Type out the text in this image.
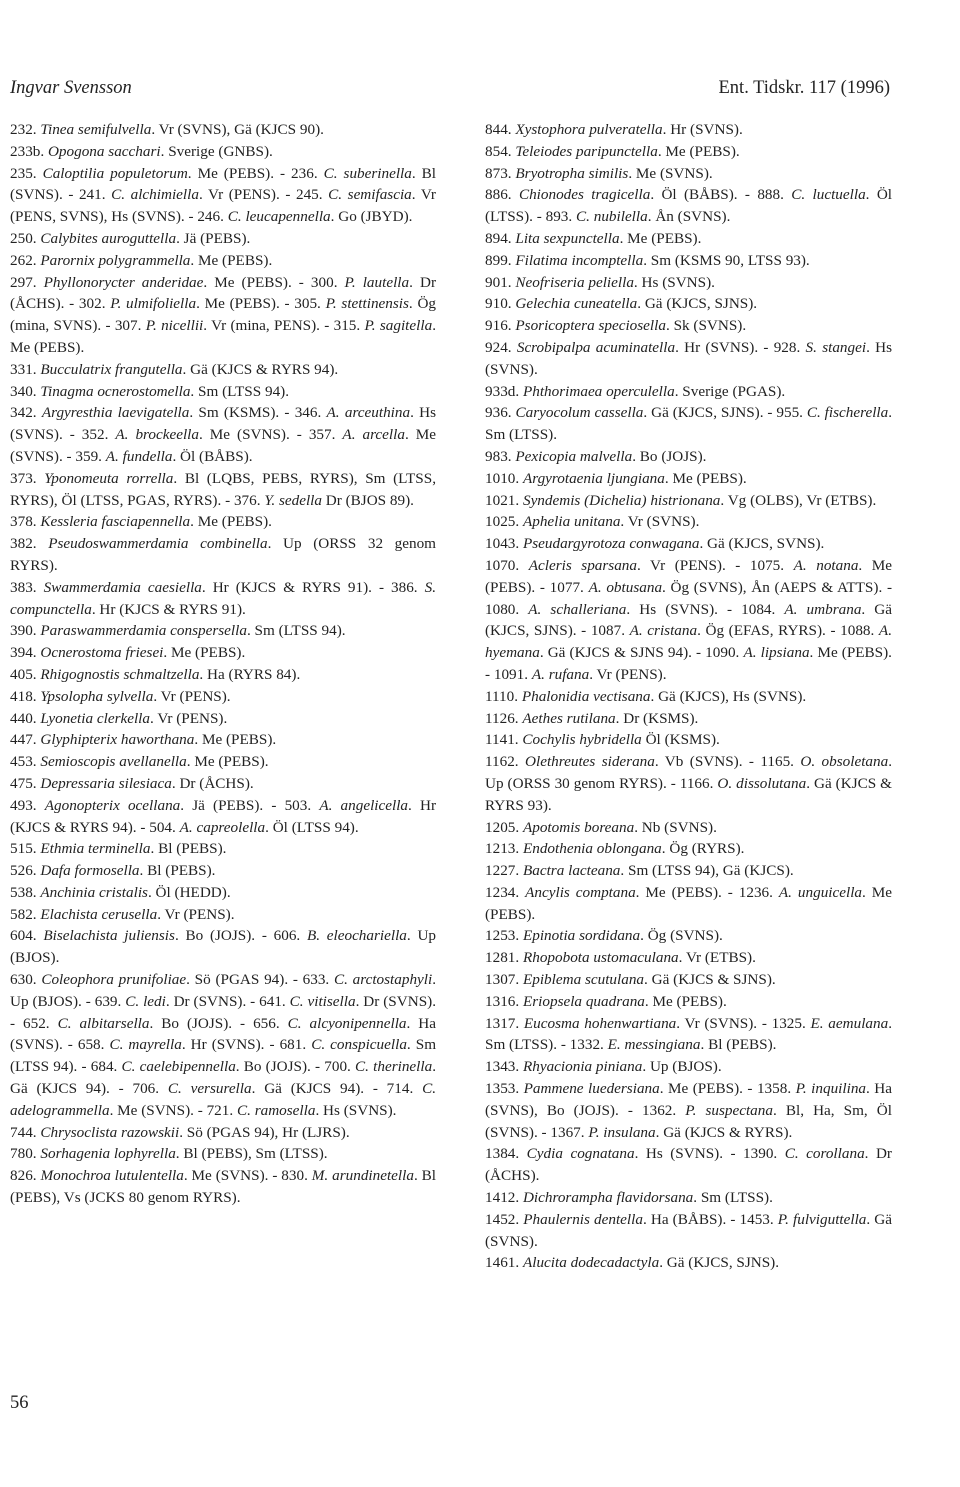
Ingvar Svensson	Ent. Tidskr. 117 (1996)

232. Tinea semifulvella. Vr (SVNS), Gä (KJCS 90).

233b. Opogona sacchari. Sverige (GNBS).

235. Caloptilia populetorum. Me (PEBS). - 236. C. suberinella. Bl (SVNS). - 241. C. alchimiella. Vr (PENS). - 245. C. semifascia. Vr (PENS, SVNS), Hs (SVNS). - 246. C. leucapennella. Go (JBYD).

250. Calybites auroguttella. Jä (PEBS).

262. Parornix polygrammella. Me (PEBS).

297. Phyllonorycter anderidae. Me (PEBS). - 300. P. lautella. Dr (ÅCHS). - 302. P. ulmifoliella. Me (PEBS). - 305. P. stettinensis. Ög (mina, SVNS). - 307. P. nicellii. Vr (mina, PENS). - 315. P. sagitella. Me (PEBS).

331. Bucculatrix frangutella. Gä (KJCS & RYRS 94).

340. Tinagma ocnerostomella. Sm (LTSS 94).

342. Argyresthia laevigatella. Sm (KSMS). - 346. A. arceuthina. Hs (SVNS). - 352. A. brockeella. Me (SVNS). - 357. A. arcella. Me (SVNS). - 359. A. fundella. Öl (BÅBS).

373. Yponomeuta rorrella. Bl (LQBS, PEBS, RYRS), Sm (LTSS, RYRS), Öl (LTSS, PGAS, RYRS). - 376. Y. sedella Dr (BJOS 89).

378. Kessleria fasciapennella. Me (PEBS).

382. Pseudoswammerdamia combinella. Up (ORSS 32 genom RYRS).

383. Swammerdamia caesiella. Hr (KJCS & RYRS 91). - 386. S. compunctella. Hr (KJCS & RYRS 91).

390. Paraswammerdamia conspersella. Sm (LTSS 94).

394. Ocnerostoma friesei. Me (PEBS).

405. Rhigognostis schmaltzella. Ha (RYRS 84).

418. Ypsolopha sylvella. Vr (PENS).

440. Lyonetia clerkella. Vr (PENS).

447. Glyphipterix haworthana. Me (PEBS).

453. Semioscopis avellanella. Me (PEBS).

475. Depressaria silesiaca. Dr (ÅCHS).

493. Agonopterix ocellana. Jä (PEBS). - 503. A. angelicella. Hr (KJCS & RYRS 94). - 504. A. capreolella. Öl (LTSS 94).

515. Ethmia terminella. Bl (PEBS).

526. Dafa formosella. Bl (PEBS).

538. Anchinia cristalis. Öl (HEDD).

582. Elachista cerusella. Vr (PENS).

604. Biselachista juliensis. Bo (JOJS). - 606. B. eleochariella. Up (BJOS).

630. Coleophora prunifoliae. Sö (PGAS 94). - 633. C. arctostaphyli. Up (BJOS). - 639. C. ledi. Dr (SVNS). - 641. C. vitisella. Dr (SVNS). - 652. C. albitarsella. Bo (JOJS). - 656. C. alcyonipennella. Ha (SVNS). - 658. C. mayrella. Hr (SVNS). - 681. C. conspicuella. Sm (LTSS 94). - 684. C. caelebipennella. Bo (JOJS). - 700. C. therinella. Gä (KJCS 94). - 706. C. versurella. Gä (KJCS 94). - 714. C. adelogrammella. Me (SVNS). - 721. C. ramosella. Hs (SVNS).

744. Chrysoclista razowskii. Sö (PGAS 94), Hr (LJRS).

780. Sorhagenia lophyrella. Bl (PEBS), Sm (LTSS).

826. Monochroa lutulentella. Me (SVNS). - 830. M. arundinetella. Bl (PEBS), Vs (JCKS 80 genom RYRS).

844. Xystophora pulveratella. Hr (SVNS).

854. Teleiodes paripunctella. Me (PEBS).

873. Bryotropha similis. Me (SVNS).

886. Chionodes tragicella. Öl (BÅBS). - 888. C. luctuella. Öl (LTSS). - 893. C. nubilella. Ån (SVNS).

894. Lita sexpunctella. Me (PEBS).

899. Filatima incomptella. Sm (KSMS 90, LTSS 93).

901. Neofriseria peliella. Hs (SVNS).

910. Gelechia cuneatella. Gä (KJCS, SJNS).

916. Psoricoptera speciosella. Sk (SVNS).

924. Scrobipalpa acuminatella. Hr (SVNS). - 928. S. stangei. Hs (SVNS).

933d. Phthorimaea operculella. Sverige (PGAS).

936. Caryocolum cassella. Gä (KJCS, SJNS). - 955. C. fischerella. Sm (LTSS).

983. Pexicopia malvella. Bo (JOJS).

1010. Argyrotaenia ljungiana. Me (PEBS).

1021. Syndemis (Dichelia) histrionana. Vg (OLBS), Vr (ETBS).

1025. Aphelia unitana. Vr (SVNS).

1043. Pseudargyrotoza conwagana. Gä (KJCS, SVNS).

1070. Acleris sparsana. Vr (PENS). - 1075. A. notana. Me (PEBS). - 1077. A. obtusana. Ög (SVNS), Ån (AEPS & ATTS). - 1080. A. schalleriana. Hs (SVNS). - 1084. A. umbrana. Gä (KJCS, SJNS). - 1087. A. cristana. Ög (EFAS, RYRS). - 1088. A. hyemana. Gä (KJCS & SJNS 94). - 1090. A. lipsiana. Me (PEBS). - 1091. A. rufana. Vr (PENS).

1110. Phalonidia vectisana. Gä (KJCS), Hs (SVNS).

1126. Aethes rutilana. Dr (KSMS).

1141. Cochylis hybridella Öl (KSMS).

1162. Olethreutes siderana. Vb (SVNS). - 1165. O. obsoletana. Up (ORSS 30 genom RYRS). - 1166. O. dissolutana. Gä (KJCS & RYRS 93).

1205. Apotomis boreana. Nb (SVNS).

1213. Endothenia oblongana. Ög (RYRS).

1227. Bactra lacteana. Sm (LTSS 94), Gä (KJCS).

1234. Ancylis comptana. Me (PEBS). - 1236. A. unguicella. Me (PEBS).

1253. Epinotia sordidana. Ög (SVNS).

1281. Rhopobota ustomaculana. Vr (ETBS).

1307. Epiblema scutulana. Gä (KJCS & SJNS).

1316. Eriopsela quadrana. Me (PEBS).

1317. Eucosma hohenwartiana. Vr (SVNS). - 1325. E. aemulana. Sm (LTSS). - 1332. E. messingiana. Bl (PEBS).

1343. Rhyacionia piniana. Up (BJOS).

1353. Pammene luedersiana. Me (PEBS). - 1358. P. inquilina. Ha (SVNS), Bo (JOJS). - 1362. P. suspectana. Bl, Ha, Sm, Öl (SVNS). - 1367. P. insulana. Gä (KJCS & RYRS).

1384. Cydia cognatana. Hs (SVNS). - 1390. C. corollana. Dr (ÅCHS).

1412. Dichrorampha flavidorsana. Sm (LTSS).

1452. Phaulernis dentella. Ha (BÅBS). - 1453. P. fulviguttella. Gä (SVNS).

1461. Alucita dodecadactyla. Gä (KJCS, SJNS).

56
